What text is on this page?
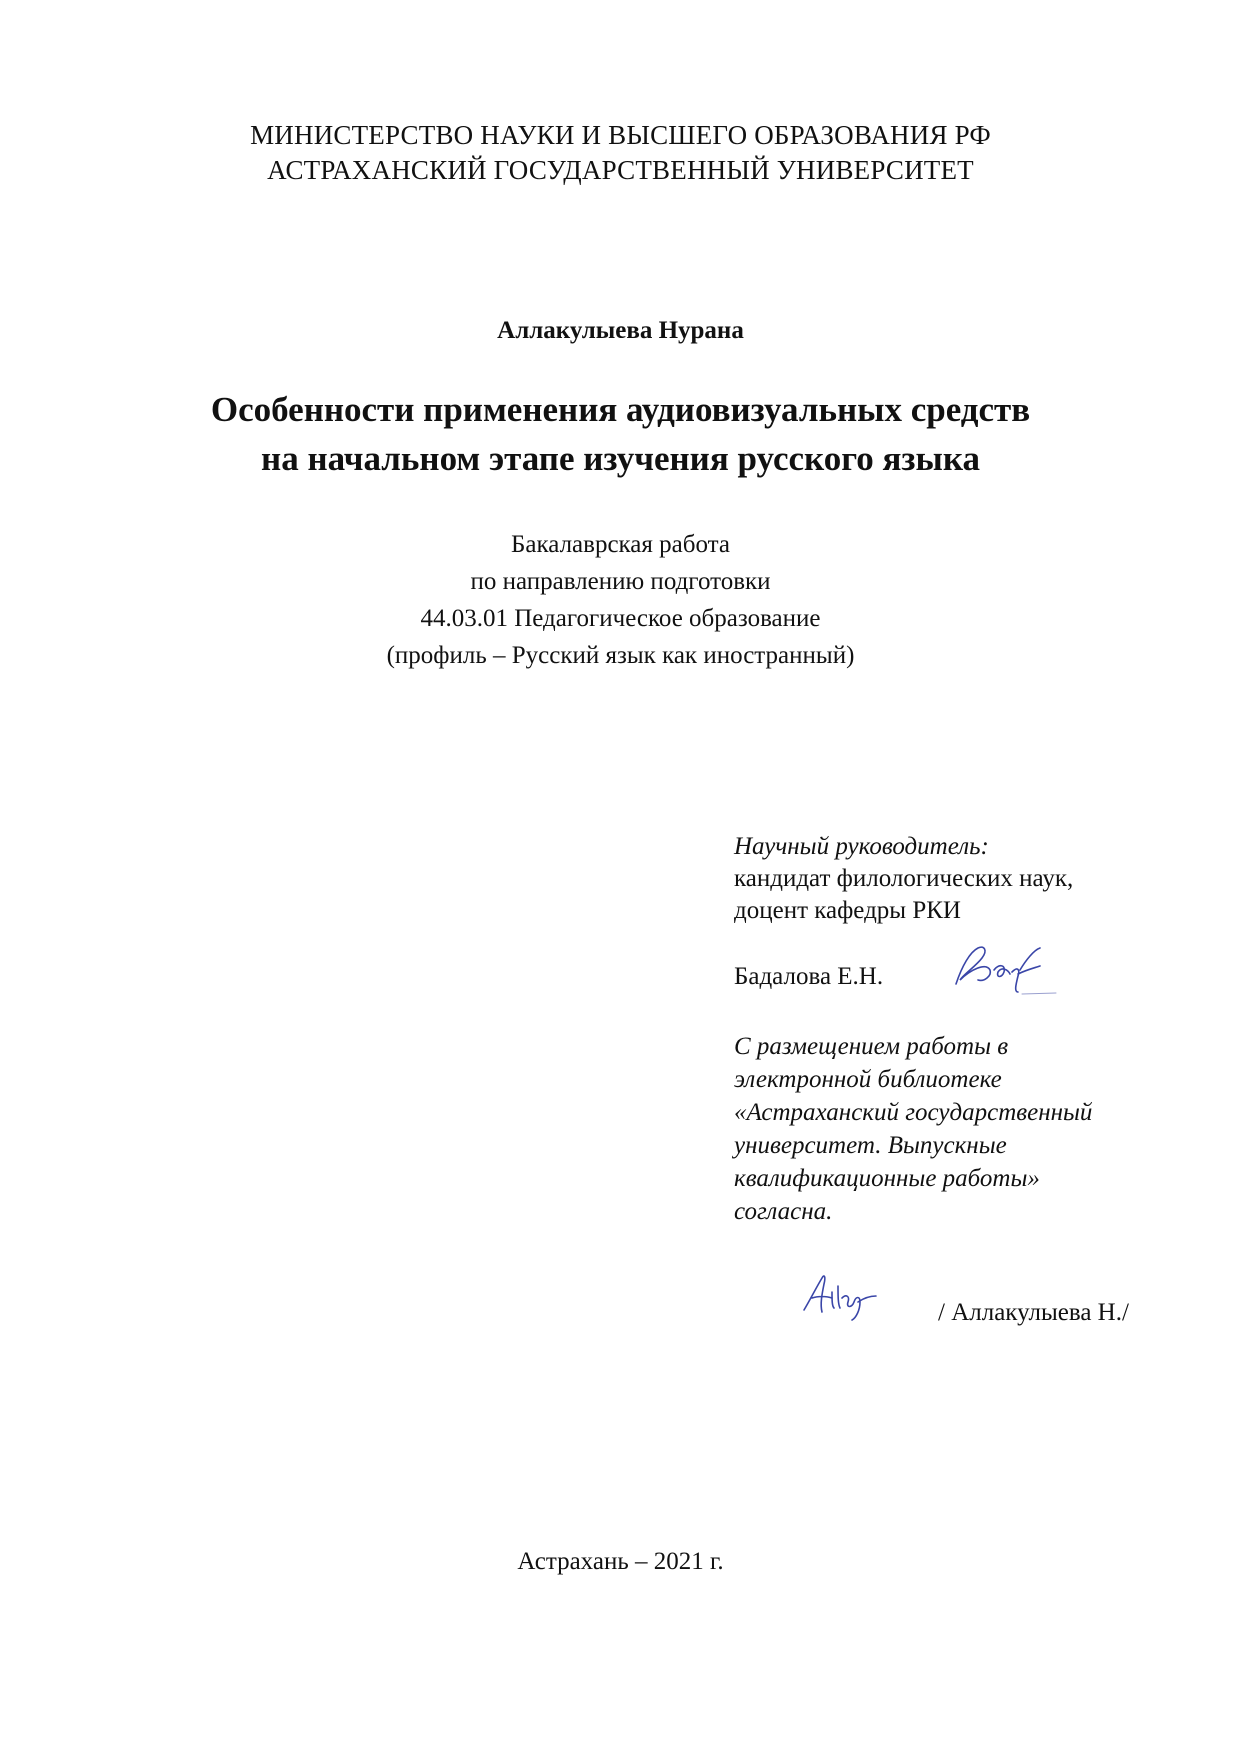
МИНИСТЕРСТВО НАУКИ И ВЫСШЕГО ОБРАЗОВАНИЯ РФ
АСТРАХАНСКИЙ ГОСУДАРСТВЕННЫЙ УНИВЕРСИТЕТ
Аллакулыева Нурана
Особенности применения аудиовизуальных средств
на начальном этапе изучения русского языка
Бакалаврская работа
по направлению подготовки
44.03.01 Педагогическое образование
(профиль – Русский язык как иностранный)
Научный руководитель:
кандидат филологических наук,
доцент кафедры РКИ
Бадалова Е.Н.
С размещением работы в
электронной библиотеке
«Астраханский государственный
университет. Выпускные
квалификационные работы»
согласна.
/ Аллакулыева Н./
Астрахань – 2021 г.
